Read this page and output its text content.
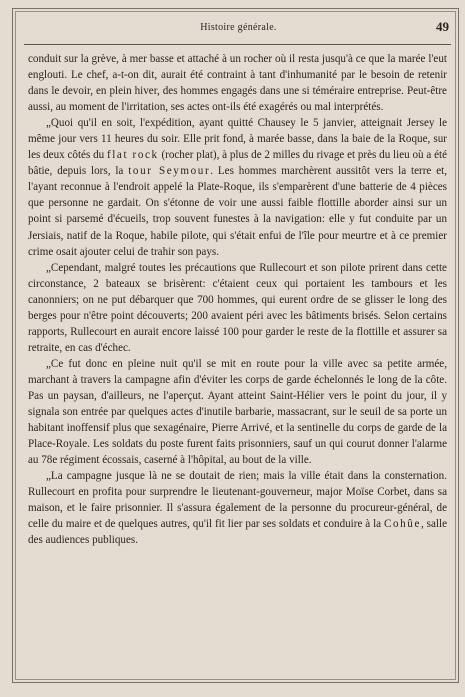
Histoire générale.	49

conduit sur la grève, à mer basse et attaché à un rocher où il resta jusqu'à ce que la marée l'eut englouti. Le chef, a-t-on dit, aurait été contraint à tant d'inhumanité par le besoin de retenir dans le devoir, en plein hiver, des hommes engagés dans une si téméraire entreprise. Peut-être aussi, au moment de l'irritation, ses actes ont-ils été exagérés ou mal interprétés.

„Quoi qu'il en soit, l'expédition, ayant quitté Chausey le 5 janvier, atteignait Jersey le même jour vers 11 heures du soir. Elle prit fond, à marée basse, dans la baie de la Roque, sur les deux côtés du flat rock (rocher plat), à plus de 2 milles du rivage et près du lieu où a été bâtie, depuis lors, la tour Seymour. Les hommes marchèrent aussitôt vers la terre et, l'ayant reconnue à l'endroit appelé la Plate-Roque, ils s'emparèrent d'une batterie de 4 pièces que personne ne gardait. On s'étonne de voir une aussi faible flottille aborder ainsi sur un point si parsemé d'écueils, trop souvent funestes à la navigation: elle y fut conduite par un Jersiais, natif de la Roque, habile pilote, qui s'était enfui de l'île pour meurtre et à ce premier crime osait ajouter celui de trahir son pays.

„Cependant, malgré toutes les précautions que Rullecourt et son pilote prirent dans cette circonstance, 2 bateaux se brisèrent: c'étaient ceux qui portaient les tambours et les canonniers; on ne put débarquer que 700 hommes, qui eurent ordre de se glisser le long des berges pour n'être point découverts; 200 avaient péri avec les bâtiments brisés. Selon certains rapports, Rullecourt en aurait encore laissé 100 pour garder le reste de la flottille et assurer sa retraite, en cas d'échec.

„Ce fut donc en pleine nuit qu'il se mit en route pour la ville avec sa petite armée, marchant à travers la campagne afin d'éviter les corps de garde échelonnés le long de la côte. Pas un paysan, d'ailleurs, ne l'aperçut. Ayant atteint Saint-Hélier vers le point du jour, il y signala son entrée par quelques actes d'inutile barbarie, massacrant, sur le seuil de sa porte un habitant inoffensif plus que sexagénaire, Pierre Arrivé, et la sentinelle du corps de garde de la Place-Royale. Les soldats du poste furent faits prisonniers, sauf un qui courut donner l'alarme au 78e régiment écossais, caserné à l'hôpital, au bout de la ville.

„La campagne jusque là ne se doutait de rien; mais la ville était dans la consternation. Rullecourt en profita pour surprendre le lieutenant-gouverneur, major Moïse Corbet, dans sa maison, et le faire prisonnier. Il s'assura également de la personne du procureur-général, de celle du maire et de quelques autres, qu'il fit lier par ses soldats et conduire à la Cohûe, salle des audiences publiques.
